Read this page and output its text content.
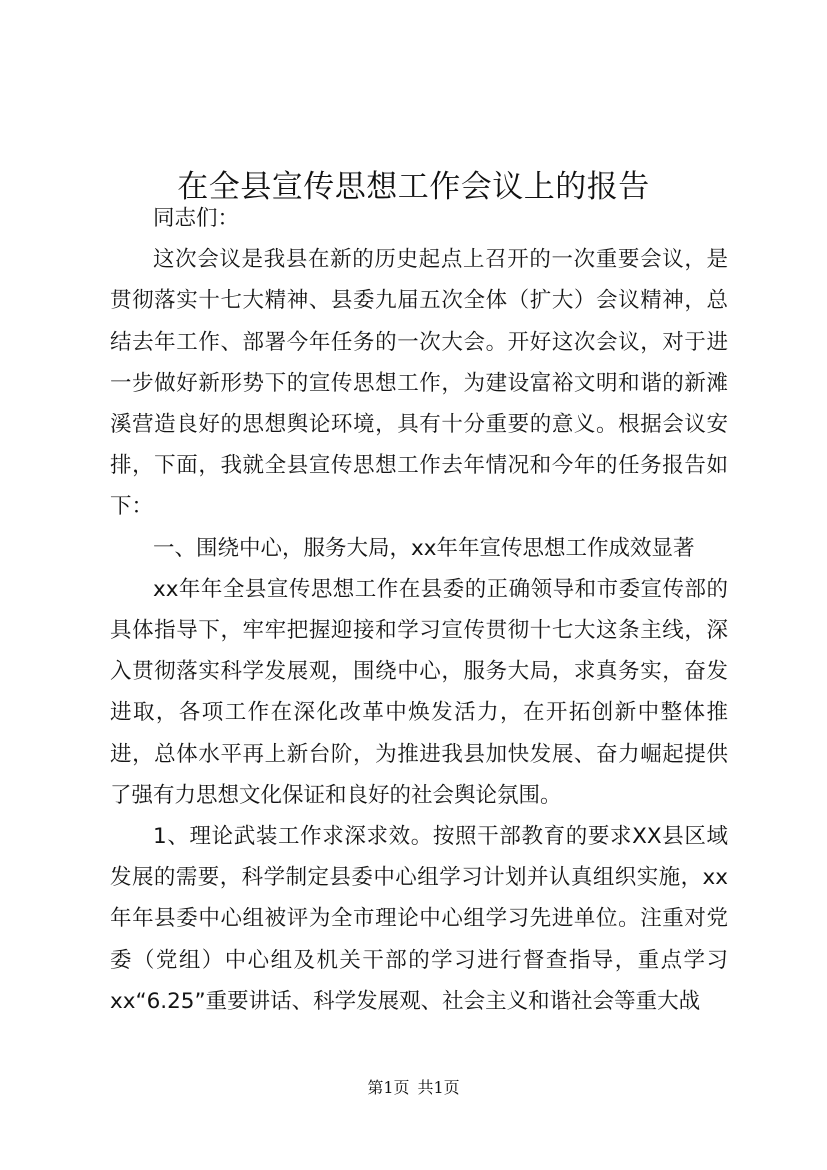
在全县宣传思想工作会议上的报告

同志们：

这次会议是我县在新的历史起点上召开的一次重要会议，是贯彻落实十七大精神、县委九届五次全体（扩大）会议精神，总结去年工作、部署今年任务的一次大会。开好这次会议，对于进一步做好新形势下的宣传思想工作，为建设富裕文明和谐的新滩溪营造良好的思想舆论环境，具有十分重要的意义。根据会议安排，下面，我就全县宣传思想工作去年情况和今年的任务报告如下：

一、围绕中心，服务大局，xx年年宣传思想工作成效显著

xx年年全县宣传思想工作在县委的正确领导和市委宣传部的具体指导下，牢牢把握迎接和学习宣传贯彻十七大这条主线，深入贯彻落实科学发展观，围绕中心，服务大局，求真务实，奋发进取，各项工作在深化改革中焕发活力，在开拓创新中整体推进，总体水平再上新台阶，为推进我县加快发展、奋力崛起提供了强有力思想文化保证和良好的社会舆论氛围。

1、理论武装工作求深求效。按照干部教育的要求XX县区域发展的需要，科学制定县委中心组学习计划并认真组织实施，xx年年县委中心组被评为全市理论中心组学习先进单位。注重对党委（党组）中心组及机关干部的学习进行督查指导，重点学习xx“6.25”重要讲话、科学发展观、社会主义和谐社会等重大战

第1页 共1页
